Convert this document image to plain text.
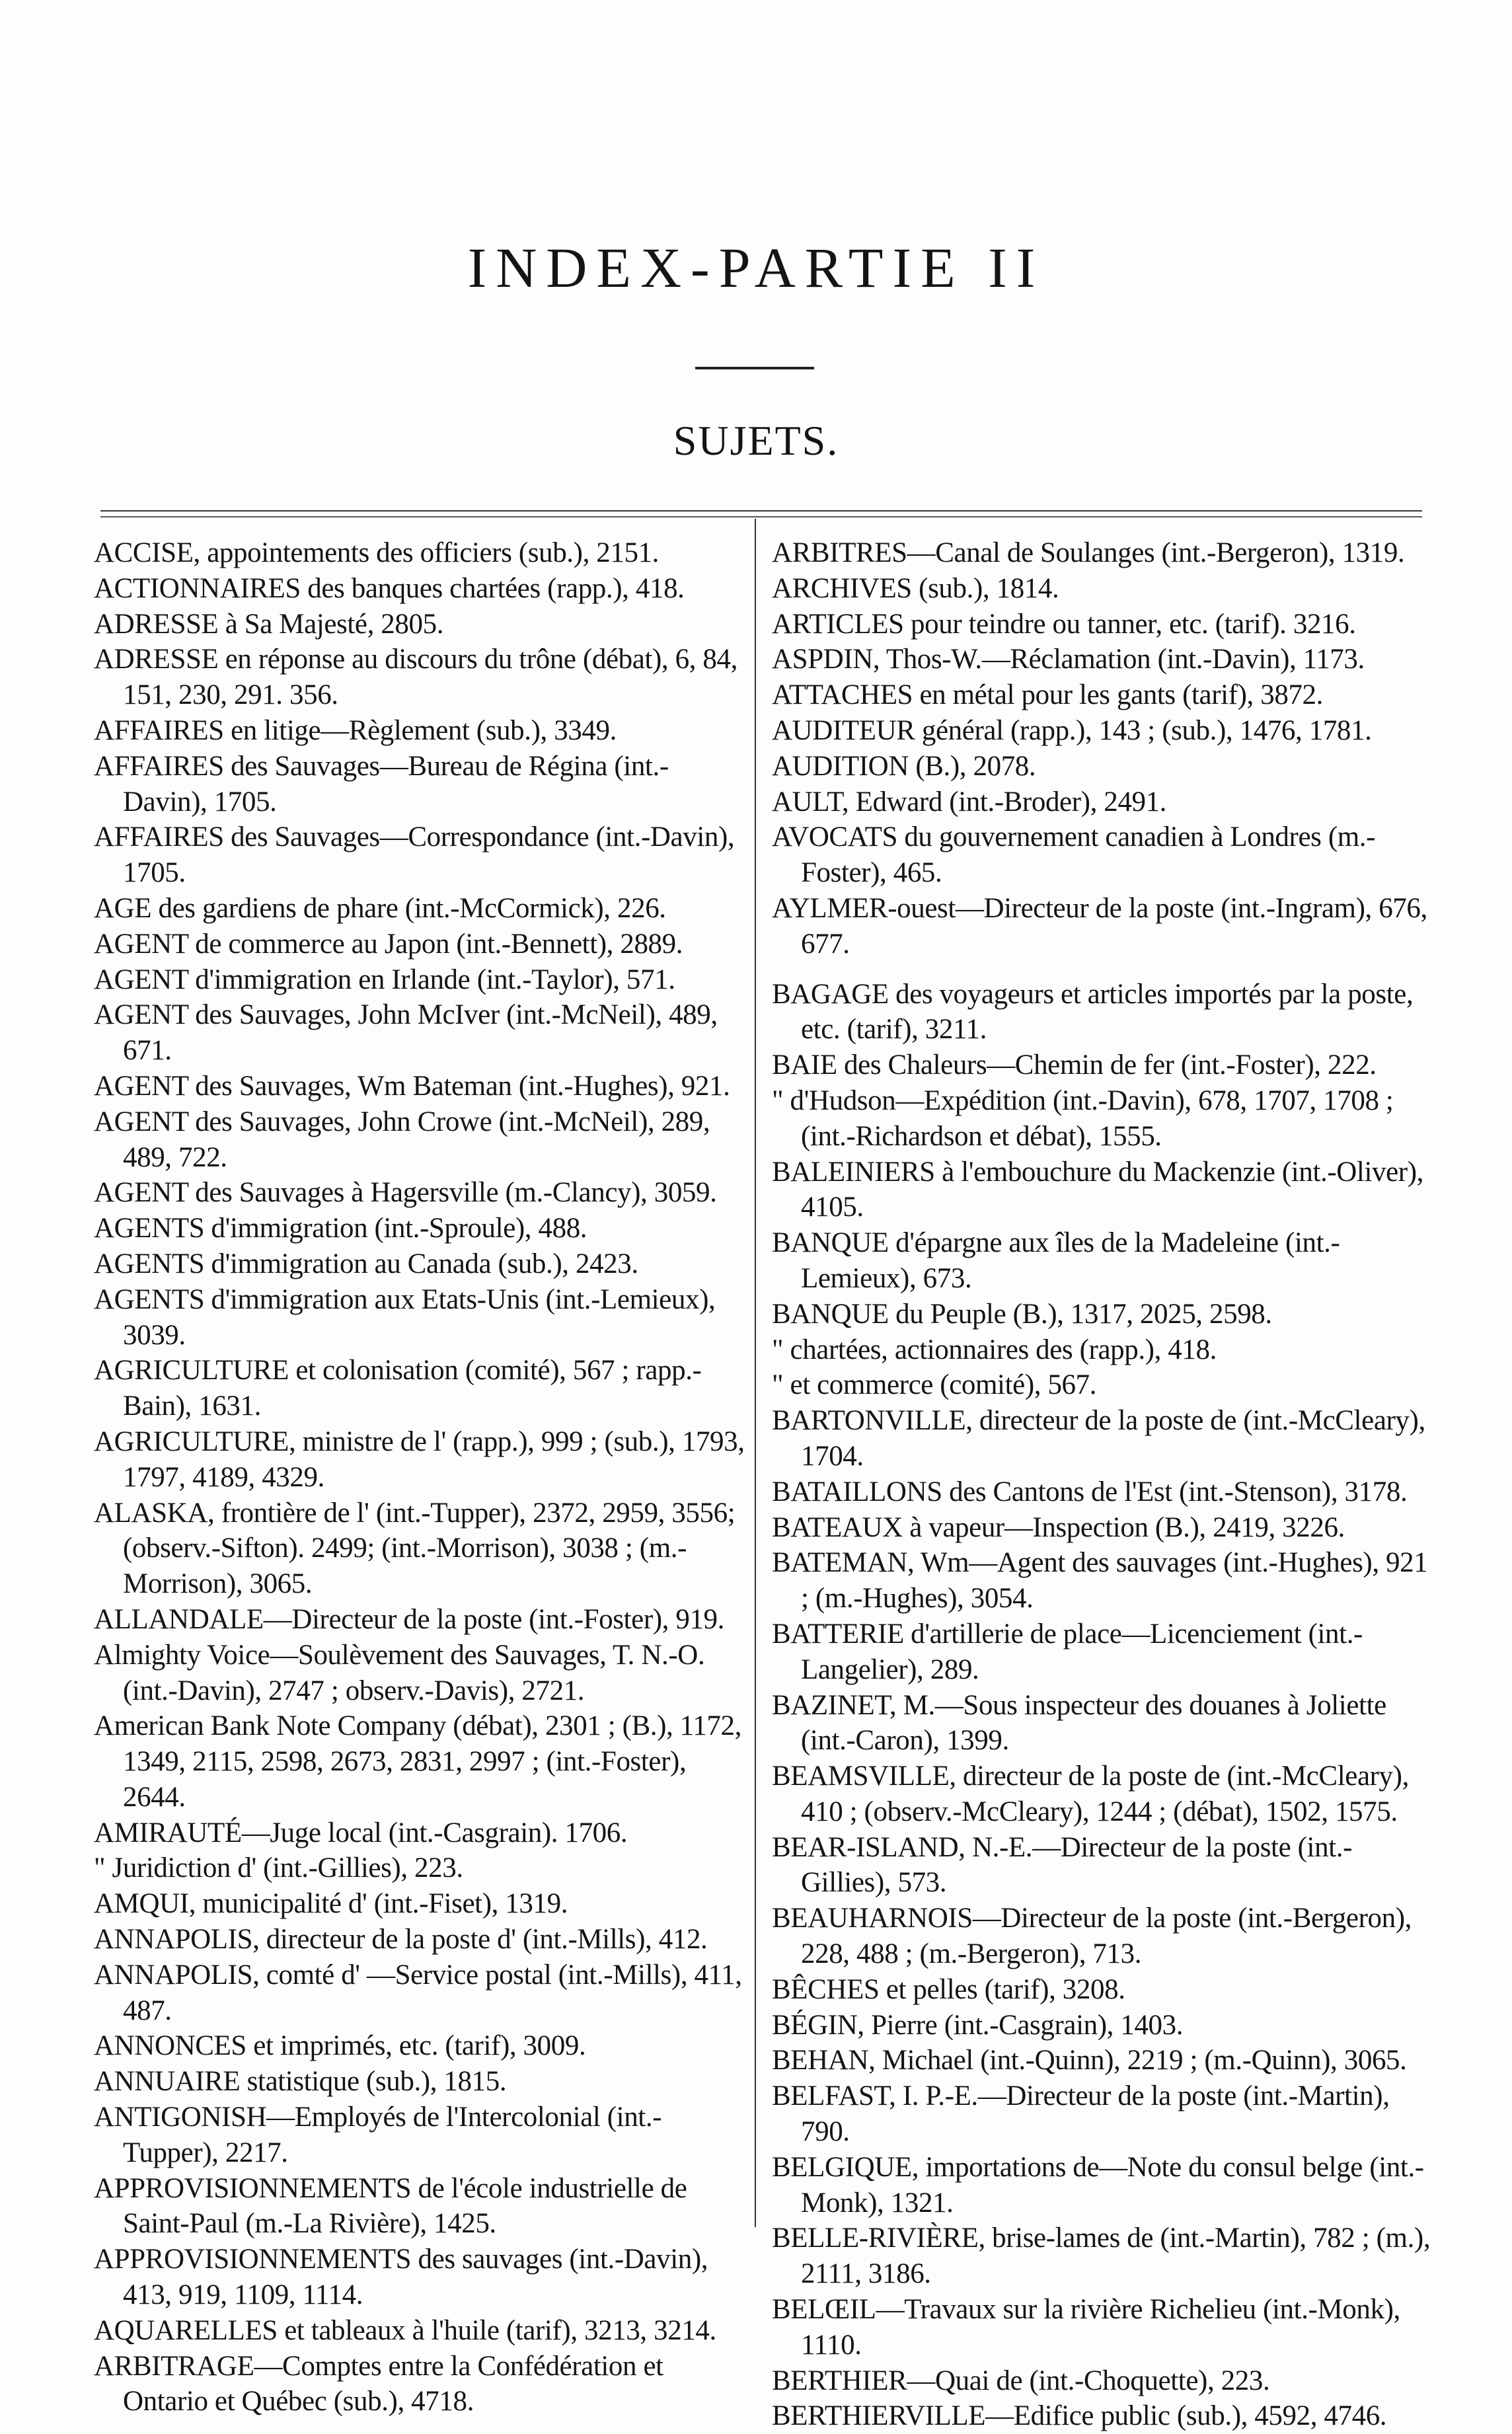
INDEX-PARTIE II
SUJETS.

ACCISE, appointements des officiers (sub.), 2151.

ACTIONNAIRES des banques chartées (rapp.), 418.

ADRESSE à Sa Majesté, 2805.

ADRESSE en réponse au discours du trône (débat), 6, 84, 151, 230, 291. 356.

AFFAIRES en litige—Règlement (sub.), 3349.

AFFAIRES des Sauvages—Bureau de Régina (int.-Davin), 1705.

AFFAIRES des Sauvages—Correspondance (int.-Davin), 1705.

AGE des gardiens de phare (int.-McCormick), 226.

AGENT de commerce au Japon (int.-Bennett), 2889.

AGENT d'immigration en Irlande (int.-Taylor), 571.

AGENT des Sauvages, John McIver (int.-McNeil), 489, 671.

AGENT des Sauvages, Wm Bateman (int.-Hughes), 921.

AGENT des Sauvages, John Crowe (int.-McNeil), 289, 489, 722.

AGENT des Sauvages à Hagersville (m.-Clancy), 3059.

AGENTS d'immigration (int.-Sproule), 488.

AGENTS d'immigration au Canada (sub.), 2423.

AGENTS d'immigration aux Etats-Unis (int.-Lemieux), 3039.

AGRICULTURE et colonisation (comité), 567 ; rapp.-Bain), 1631.

AGRICULTURE, ministre de l' (rapp.), 999 ; (sub.), 1793, 1797, 4189, 4329.

ALASKA, frontière de l' (int.-Tupper), 2372, 2959, 3556; (observ.-Sifton). 2499; (int.-Morrison), 3038 ; (m.-Morrison), 3065.

ALLANDALE—Directeur de la poste (int.-Foster), 919.

Almighty Voice—Soulèvement des Sauvages, T. N.-O. (int.-Davin), 2747 ; observ.-Davis), 2721.

American Bank Note Company (débat), 2301 ; (B.), 1172, 1349, 2115, 2598, 2673, 2831, 2997 ; (int.-Foster), 2644.

AMIRAUTÉ—Juge local (int.-Casgrain). 1706.

" Juridiction d' (int.-Gillies), 223.

AMQUI, municipalité d' (int.-Fiset), 1319.

ANNAPOLIS, directeur de la poste d' (int.-Mills), 412.

ANNAPOLIS, comté d' —Service postal (int.-Mills), 411, 487.

ANNONCES et imprimés, etc. (tarif), 3009.

ANNUAIRE statistique (sub.), 1815.

ANTIGONISH—Employés de l'Intercolonial (int.-Tupper), 2217.

APPROVISIONNEMENTS de l'école industrielle de Saint-Paul (m.-La Rivière), 1425.

APPROVISIONNEMENTS des sauvages (int.-Davin), 413, 919, 1109, 1114.

AQUARELLES et tableaux à l'huile (tarif), 3213, 3214.

ARBITRAGE—Comptes entre la Confédération et Ontario et Québec (sub.), 4718.

ARBITRES—Canal de Soulanges (int.-Bergeron), 1319.

ARCHIVES (sub.), 1814.

ARTICLES pour teindre ou tanner, etc. (tarif). 3216.

ASPDIN, Thos-W.—Réclamation (int.-Davin), 1173.

ATTACHES en métal pour les gants (tarif), 3872.

AUDITEUR général (rapp.), 143 ; (sub.), 1476, 1781.

AUDITION (B.), 2078.

AULT, Edward (int.-Broder), 2491.

AVOCATS du gouvernement canadien à Londres (m.-Foster), 465.

AYLMER-ouest—Directeur de la poste (int.-Ingram), 676, 677.

BAGAGE des voyageurs et articles importés par la poste, etc. (tarif), 3211.

BAIE des Chaleurs—Chemin de fer (int.-Foster), 222.

" d'Hudson—Expédition (int.-Davin), 678, 1707, 1708 ; (int.-Richardson et débat), 1555.

BALEINIERS à l'embouchure du Mackenzie (int.-Oliver), 4105.

BANQUE d'épargne aux îles de la Madeleine (int.-Lemieux), 673.

BANQUE du Peuple (B.), 1317, 2025, 2598.

" chartées, actionnaires des (rapp.), 418.

" et commerce (comité), 567.

BARTONVILLE, directeur de la poste de (int.-McCleary), 1704.

BATAILLONS des Cantons de l'Est (int.-Stenson), 3178.

BATEAUX à vapeur—Inspection (B.), 2419, 3226.

BATEMAN, Wm—Agent des sauvages (int.-Hughes), 921 ; (m.-Hughes), 3054.

BATTERIE d'artillerie de place—Licenciement (int.-Langelier), 289.

BAZINET, M.—Sous inspecteur des douanes à Joliette (int.-Caron), 1399.

BEAMSVILLE, directeur de la poste de (int.-McCleary), 410 ; (observ.-McCleary), 1244 ; (débat), 1502, 1575.

BEAR-ISLAND, N.-E.—Directeur de la poste (int.-Gillies), 573.

BEAUHARNOIS—Directeur de la poste (int.-Bergeron), 228, 488 ; (m.-Bergeron), 713.

BÊCHES et pelles (tarif), 3208.

BÉGIN, Pierre (int.-Casgrain), 1403.

BEHAN, Michael (int.-Quinn), 2219 ; (m.-Quinn), 3065.

BELFAST, I. P.-E.—Directeur de la poste (int.-Martin), 790.

BELGIQUE, importations de—Note du consul belge (int.-Monk), 1321.

BELLE-RIVIÈRE, brise-lames de (int.-Martin), 782 ; (m.), 2111, 3186.

BELŒIL—Travaux sur la rivière Richelieu (int.-Monk), 1110.

BERTHIER—Quai de (int.-Choquette), 223.

BERTHIERVILLE—Edifice public (sub.), 4592, 4746.
